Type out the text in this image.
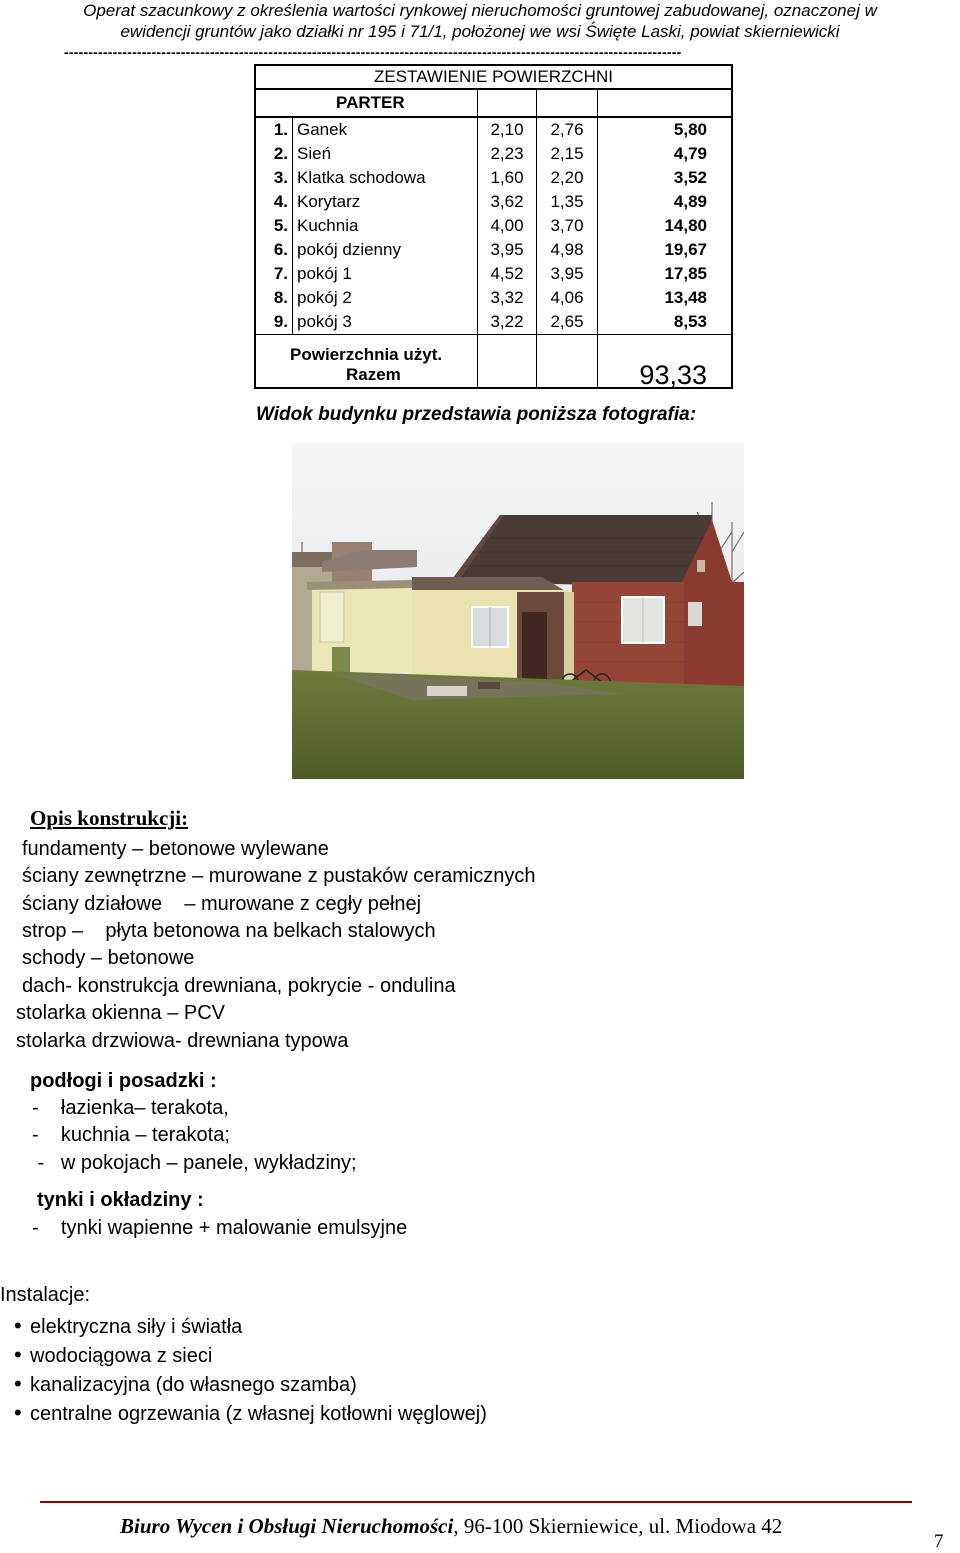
Operat szacunkowy z określenia wartości rynkowej nieruchomości gruntowej zabudowanej, oznaczonej w
ewidencji gruntów jako działki nr 195 i 71/1, położonej we wsi Święte Laski, powiat skierniewicki
-------------------------------------------------------------------------------------------------------------------------------
ZESTAWIENIE POWIERZCHNI				
PARTER				
1.	Ganek	2,10	2,76	5,80
2.	Sień	2,23	2,15	4,79
3.	Klatka schodowa	1,60	2,20	3,52
4.	Korytarz	3,62	1,35	4,89
5.	Kuchnia	4,00	3,70	14,80
6.	pokój dzienny	3,95	4,98	19,67
7.	pokój 1	4,52	3,95	17,85
8.	pokój 2	3,32	4,06	13,48
9.	pokój 3	3,22	2,65	8,53

Powierzchnia użyt.
Razem				93,33
Widok budynku przedstawia poniższa fotografia:
Opis konstrukcji:
fundamenty – betonowe wylewane
ściany zewnętrzne – murowane z pustaków ceramicznych
ściany działowe    – murowane z cegły pełnej
strop –    płyta betonowa na belkach stalowych
schody – betonowe
dach- konstrukcja drewniana, pokrycie - ondulina
stolarka okienna – PCV
stolarka drzwiowa- drewniana typowa
podłogi i posadzki :
-    łazienka– terakota,
-    kuchnia – terakota;
-   w pokojach – panele, wykładziny;
tynki i okładziny :
-    tynki wapienne + malowanie emulsyjne
Instalacje:
• elektryczna siły i światła
• wodociągowa z sieci
• kanalizacyjna (do własnego szamba)
• centralne ogrzewania (z własnej kotłowni węglowej)
Biuro Wycen i Obsługi Nieruchomości, 96-100 Skierniewice, ul. Miodowa 42
7
